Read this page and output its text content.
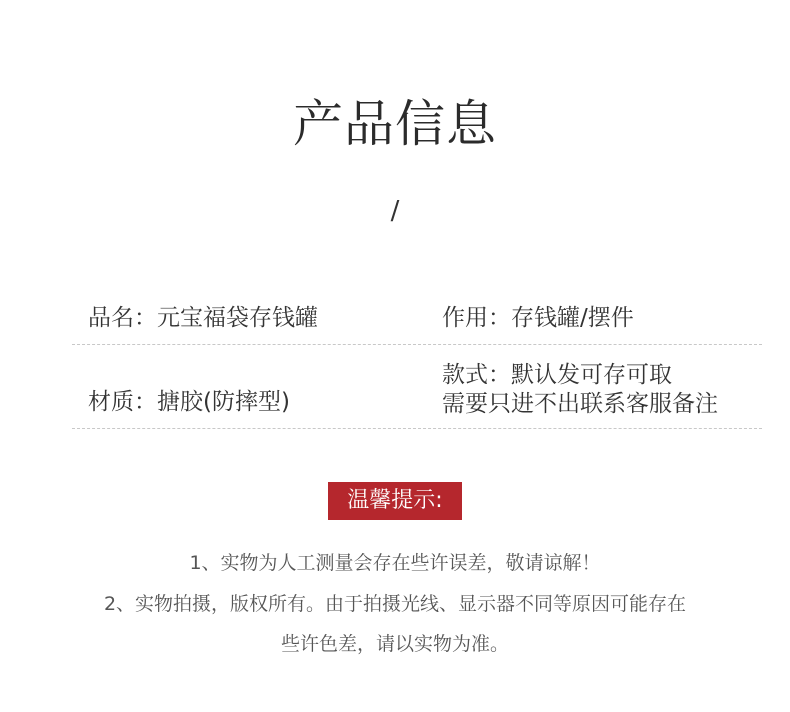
产品信息
/
品名：元宝福袋存钱罐	作用：存钱罐/摆件
材质：搪胶(防摔型)
款式：默认发可存可取
需要只进不出联系客服备注
温馨提示:
1、实物为人工测量会存在些许误差，敬请谅解！
2、实物拍摄，版权所有。由于拍摄光线、显示器不同等原因可能存在
些许色差，请以实物为准。
